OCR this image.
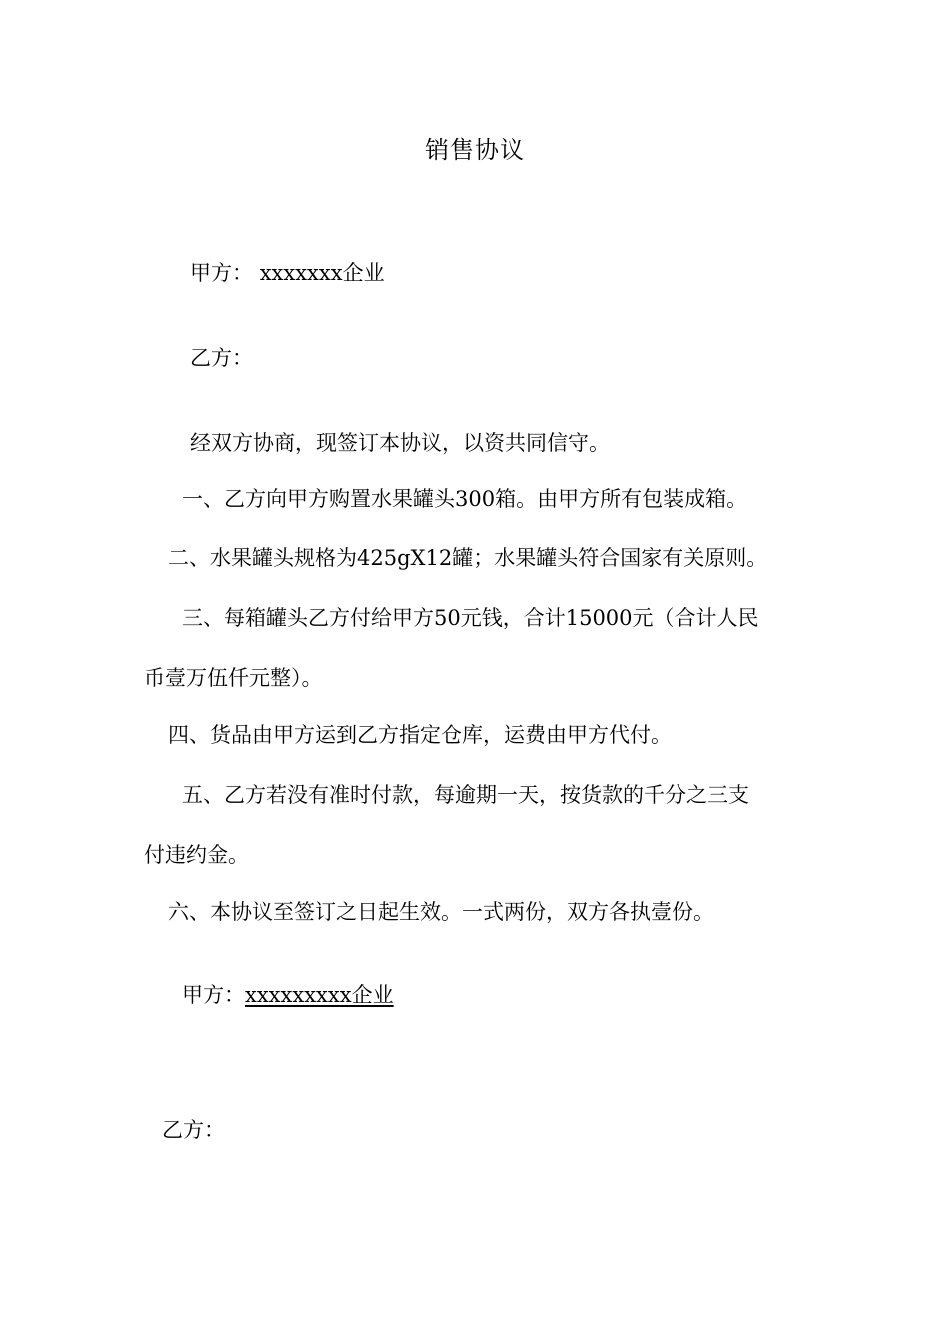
销售协议
甲方： xxxxxxx企业
乙方：
经双方协商，现签订本协议，以资共同信守。
一、乙方向甲方购置水果罐头300箱。由甲方所有包装成箱。
二、水果罐头规格为425gX12罐；水果罐头符合国家有关原则。
三、每箱罐头乙方付给甲方50元钱，合计15000元（合计人民
币壹万伍仟元整）。
四、货品由甲方运到乙方指定仓库，运费由甲方代付。
五、乙方若没有准时付款，每逾期一天，按货款的千分之三支
付违约金。
六、本协议至签订之日起生效。一式两份，双方各执壹份。
甲方：xxxxxxxxx企业
乙方：
